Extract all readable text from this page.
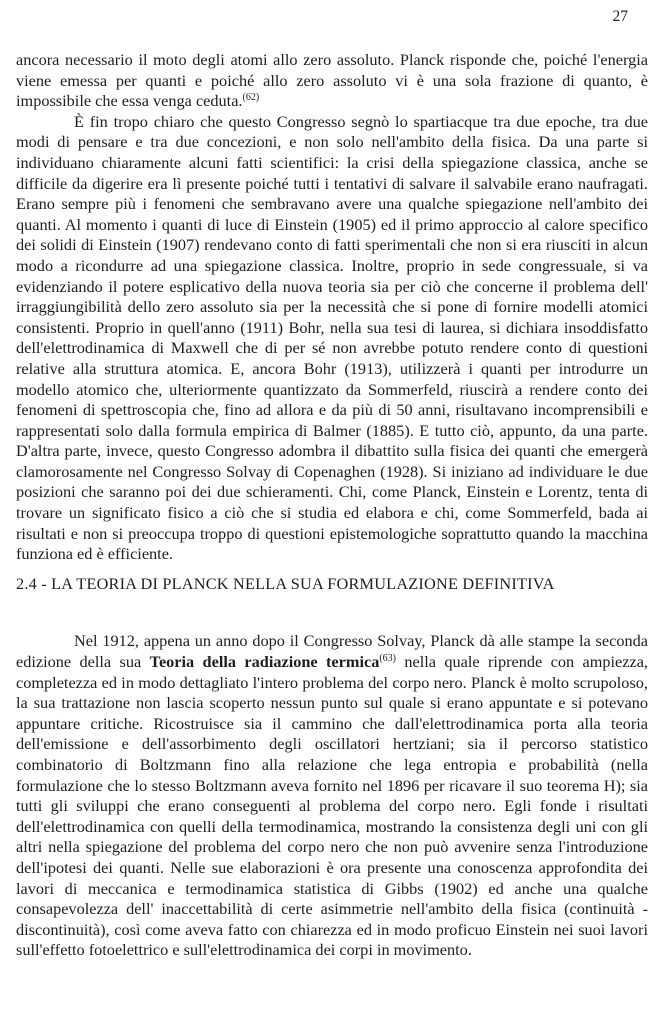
27

ancora necessario il moto degli atomi allo zero assoluto. Planck risponde che, poiché l'energia viene emessa per quanti e poiché allo zero assoluto vi è una sola frazione di quanto, è impossibile che essa venga ceduta.$^{(62)}$

È fin tropo chiaro che questo Congresso segnò lo spartiacque tra due epoche, tra due modi di pensare e tra due concezioni, e non solo nell'ambito della fisica. Da una parte si individuano chiaramente alcuni fatti scientifici: la crisi della spiegazione classica, anche se difficile da digerire era lì presente poiché tutti i tentativi di salvare il salvabile erano naufragati. Erano sempre più i fenomeni che sembravano avere una qualche spiegazione nell'ambito dei quanti. Al momento i quanti di luce di Einstein (1905) ed il primo approccio al calore specifico dei solidi di Einstein (1907) rendevano conto di fatti sperimentali che non si era riusciti in alcun modo a ricondurre ad una spiegazione classica. Inoltre, proprio in sede congressuale, si va evidenziando il potere esplicativo della nuova teoria sia per ciò che concerne il problema dell' irraggiungibilità dello zero assoluto sia per la necessità che si pone di fornire modelli atomici consistenti. Proprio in quell'anno (1911) Bohr, nella sua tesi di laurea, si dichiara insoddisfatto dell'elettrodinamica di Maxwell che di per sé non avrebbe potuto rendere conto di questioni relative alla struttura atomica. E, ancora Bohr (1913), utilizzerà i quanti per introdurre un modello atomico che, ulteriormente quantizzato da Sommerfeld, riuscirà a rendere conto dei fenomeni di spettroscopia che, fino ad allora e da più di 50 anni, risultavano incomprensibili e rappresentati solo dalla formula empirica di Balmer (1885). E tutto ciò, appunto, da una parte. D'altra parte, invece, questo Congresso adombra il dibattito sulla fisica dei quanti che emergerà clamorosamente nel Congresso Solvay di Copenaghen (1928). Si iniziano ad individuare le due posizioni che saranno poi dei due schieramenti. Chi, come Planck, Einstein e Lorentz, tenta di trovare un significato fisico a ciò che si studia ed elabora e chi, come Sommerfeld, bada ai risultati e non si preoccupa troppo di questioni epistemologiche soprattutto quando la macchina funziona ed è efficiente.

2.4 - LA TEORIA DI PLANCK NELLA SUA FORMULAZIONE DEFINITIVA

Nel 1912, appena un anno dopo il Congresso Solvay, Planck dà alle stampe la seconda edizione della sua Teoria della radiazione termica$^{(63)}$ nella quale riprende con ampiezza, completezza ed in modo dettagliato l'intero problema del corpo nero. Planck è molto scrupoloso, la sua trattazione non lascia scoperto nessun punto sul quale si erano appuntate e si potevano appuntare critiche. Ricostruisce sia il cammino che dall'elettrodinamica porta alla teoria dell'emissione e dell'assorbimento degli oscillatori hertziani; sia il percorso statistico combinatorio di Boltzmann fino alla relazione che lega entropia e probabilità (nella formulazione che lo stesso Boltzmann aveva fornito nel 1896 per ricavare il suo teorema H); sia tutti gli sviluppi che erano conseguenti al problema del corpo nero. Egli fonde i risultati dell'elettrodinamica con quelli della termodinamica, mostrando la consistenza degli uni con gli altri nella spiegazione del problema del corpo nero che non può avvenire senza l'introduzione dell'ipotesi dei quanti. Nelle sue elaborazioni è ora presente una conoscenza approfondita dei lavori di meccanica e termodinamica statistica di Gibbs (1902) ed anche una qualche consapevolezza dell' inaccettabilità di certe asimmetrie nell'ambito della fisica (continuità - discontinuità), così come aveva fatto con chiarezza ed in modo proficuo Einstein nei suoi lavori sull'effetto fotoelettrico e sull'elettrodinamica dei corpi in movimento.
